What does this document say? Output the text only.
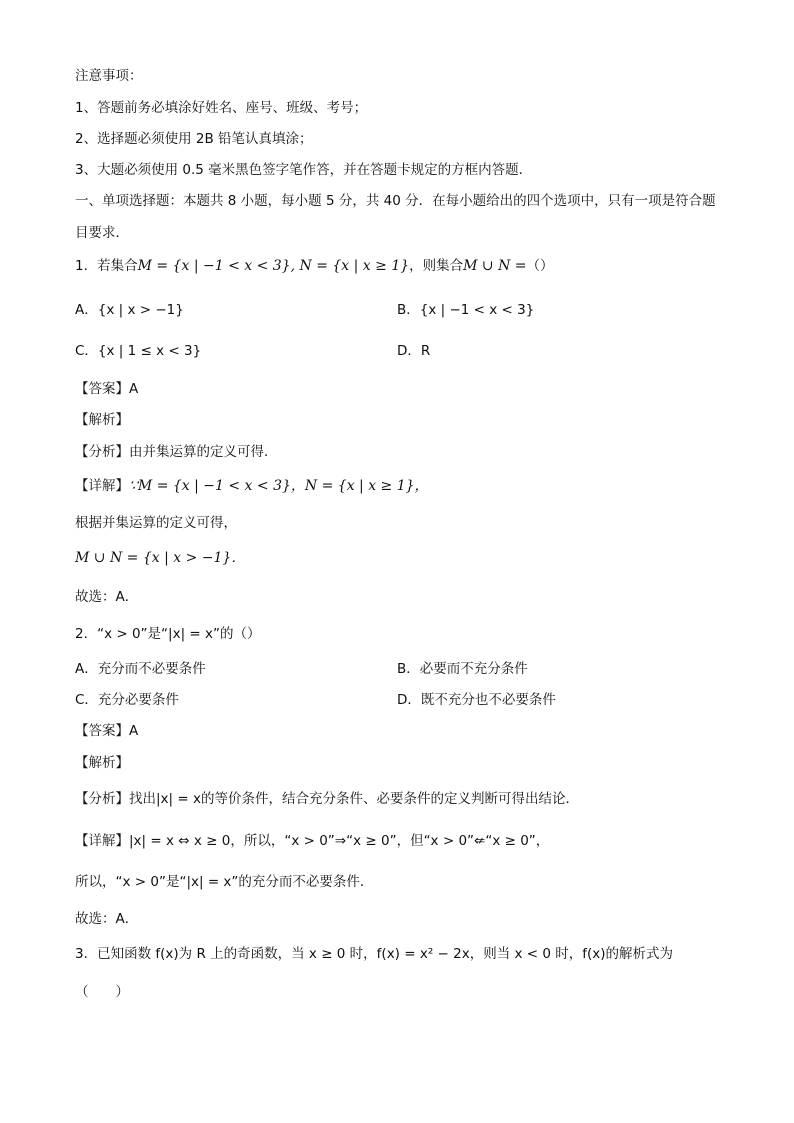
注意事项：
1、答题前务必填涂好姓名、座号、班级、考号；
2、选择题必须使用 2B 铅笔认真填涂；
3、大题必须使用 0.5 毫米黑色签字笔作答，并在答题卡规定的方框内答题．
一、单项选择题：本题共 8 小题，每小题 5 分，共 40 分．在每小题给出的四个选项中，只有一项是符合题
目要求．
1．若集合M = {x | −1 < x < 3}, N = {x | x ≥ 1}，则集合M ∪ N =（）
A．{x | x > −1}	B．{x | −1 < x < 3}
C．{x | 1 ≤ x < 3}	D．R
【答案】A
【解析】
【分析】由并集运算的定义可得．
【详解】∵M = {x | −1 < x < 3}，N = {x | x ≥ 1}，
根据并集运算的定义可得，
M ∪ N = {x | x > −1}．
故选：A．
2．“x > 0”是“|x| = x”的（）
A．充分而不必要条件	B．必要而不充分条件
C．充分必要条件	D．既不充分也不必要条件
【答案】A
【解析】
【分析】找出|x| = x的等价条件，结合充分条件、必要条件的定义判断可得出结论．
【详解】|x| = x ⇔ x ≥ 0，所以，“x > 0”⇒“x ≥ 0”，但“x > 0”⇍“x ≥ 0”，
所以，“x > 0”是“|x| = x”的充分而不必要条件．
故选：A．
3．已知函数 f(x)为 R 上的奇函数，当 x ≥ 0 时，f(x) = x² − 2x，则当 x < 0 时，f(x)的解析式为
（　　）
